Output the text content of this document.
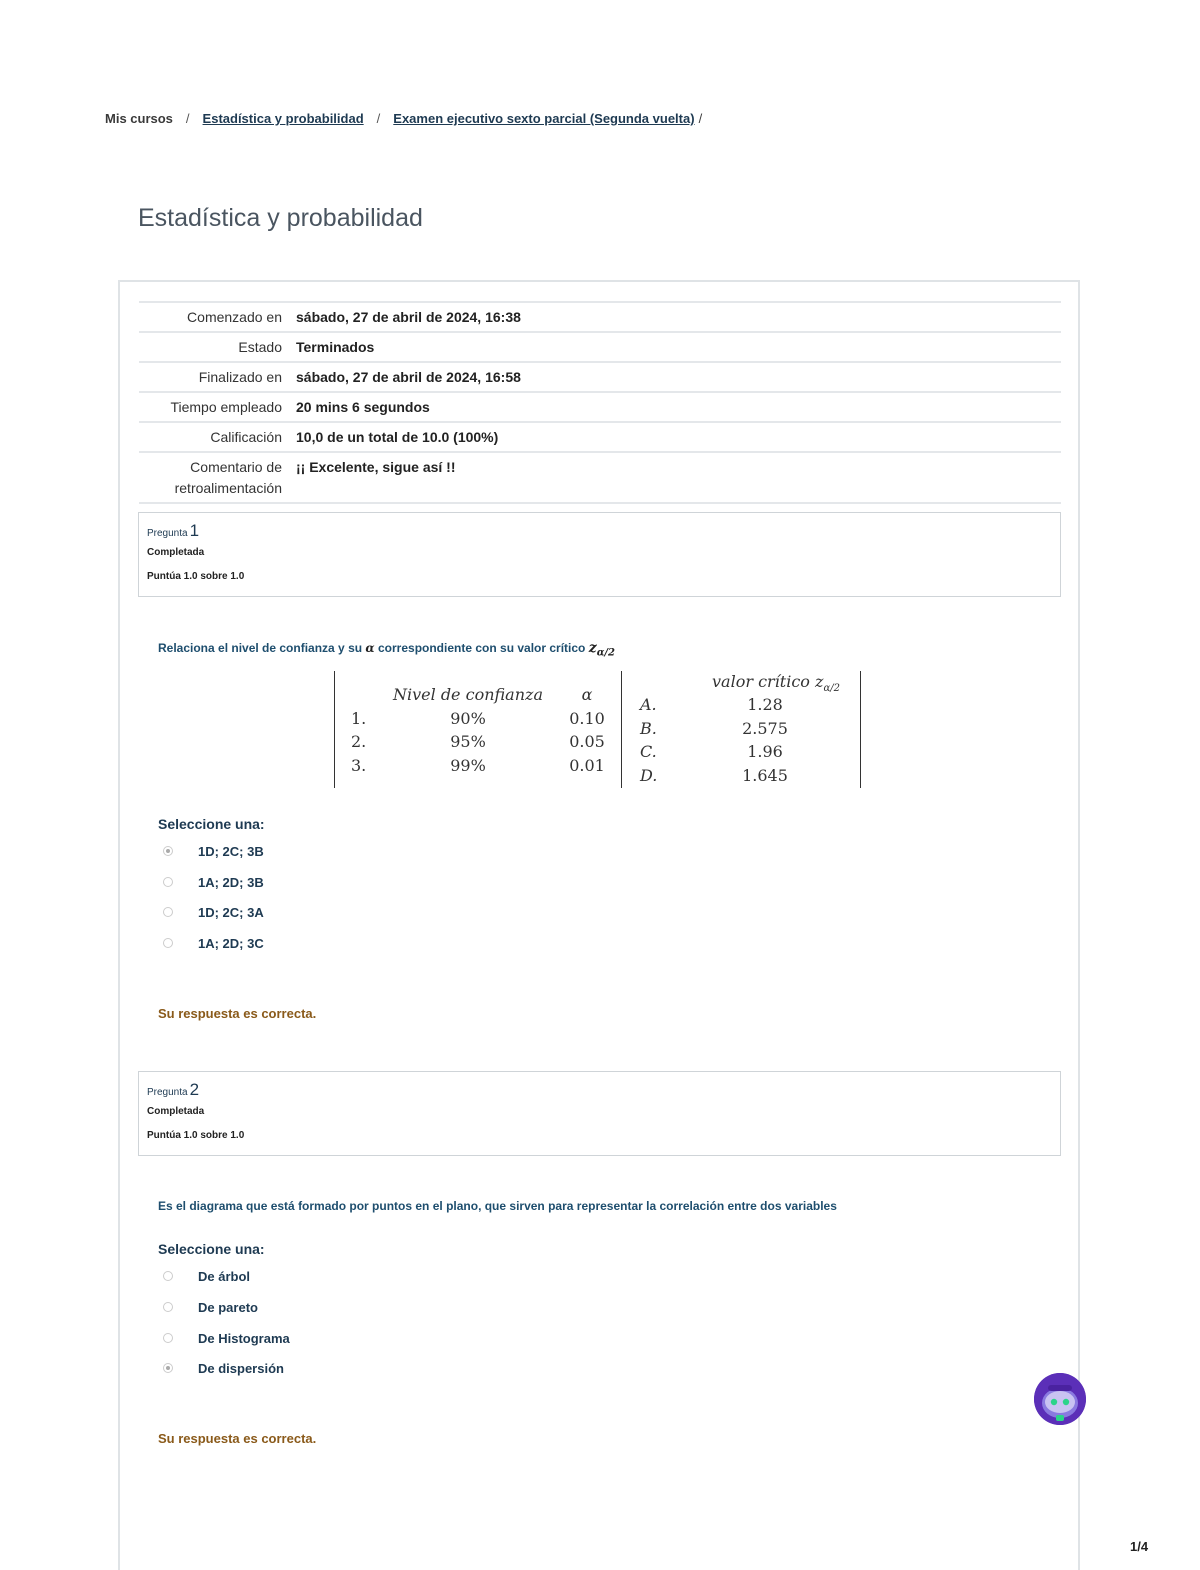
Mis cursos / Estadística y probabilidad / Examen ejecutivo sexto parcial (Segunda vuelta) /
Estadística y probabilidad
Comenzado en	sábado, 27 de abril de 2024, 16:38
Estado	Terminados
Finalizado en	sábado, 27 de abril de 2024, 16:58
Tiempo empleado	20 mins 6 segundos
Calificación	10,0 de un total de 10.0 (100%)
Comentario de retroalimentación	¡¡ Excelente, sigue así !!
Pregunta 1
Completada
Puntúa 1.0 sobre 1.0
Relaciona el nivel de confianza y su α correspondiente con su valor crítico $z_{\alpha/2}$
Nivel de confianza	α
1.	90%	0.10
2.	95%	0.05
3.	99%	0.01
valor crítico $z_{\alpha/2}$
A.	1.28
B.	2.575
C.	1.96
D.	1.645
Seleccione una:
1D; 2C; 3B
1A; 2D; 3B
1D; 2C; 3A
1A; 2D; 3C
Su respuesta es correcta.
Pregunta 2
Completada
Puntúa 1.0 sobre 1.0
Es el diagrama que está formado por puntos en el plano, que sirven para representar la correlación entre dos variables
Seleccione una:
De árbol
De pareto
De Histograma
De dispersión
Su respuesta es correcta.
1/4
